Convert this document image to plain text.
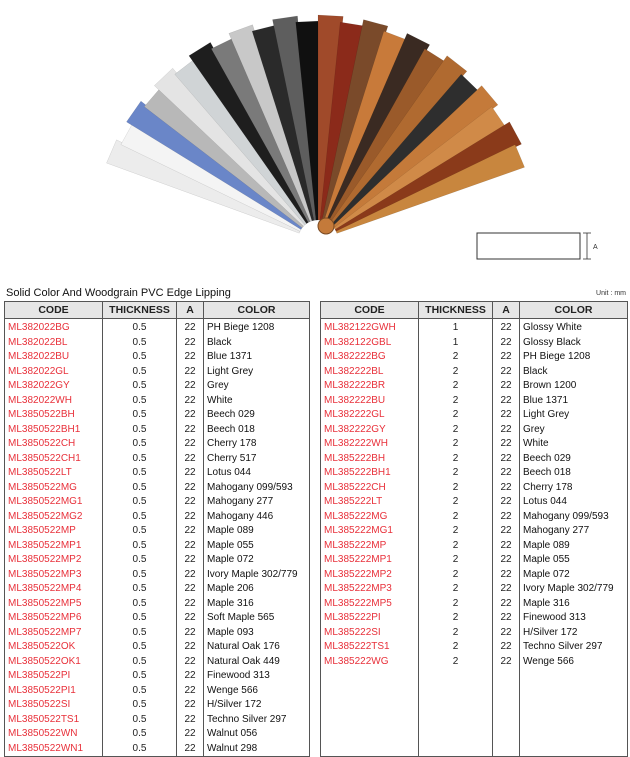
A
Solid Color And Woodgrain PVC Edge Lipping	Unit : mm
CODE	THICKNESS	A	COLOR
ML382022BG	0.5	22	PH Biege 1208
ML382022BL	0.5	22	Black
ML382022BU	0.5	22	Blue 1371
ML382022GL	0.5	22	Light Grey
ML382022GY	0.5	22	Grey
ML382022WH	0.5	22	White
ML3850522BH	0.5	22	Beech 029
ML3850522BH1	0.5	22	Beech 018
ML3850522CH	0.5	22	Cherry 178
ML3850522CH1	0.5	22	Cherry 517
ML3850522LT	0.5	22	Lotus 044
ML3850522MG	0.5	22	Mahogany 099/593
ML3850522MG1	0.5	22	Mahogany 277
ML3850522MG2	0.5	22	Mahogany 446
ML3850522MP	0.5	22	Maple 089
ML3850522MP1	0.5	22	Maple 055
ML3850522MP2	0.5	22	Maple 072
ML3850522MP3	0.5	22	Ivory Maple 302/779
ML3850522MP4	0.5	22	Maple 206
ML3850522MP5	0.5	22	Maple 316
ML3850522MP6	0.5	22	Soft Maple 565
ML3850522MP7	0.5	22	Maple 093
ML3850522OK	0.5	22	Natural Oak 176
ML3850522OK1	0.5	22	Natural Oak 449
ML3850522PI	0.5	22	Finewood 313
ML3850522PI1	0.5	22	Wenge 566
ML3850522SI	0.5	22	H/Silver 172
ML3850522TS1	0.5	22	Techno Silver 297
ML3850522WN	0.5	22	Walnut 056
ML3850522WN1	0.5	22	Walnut 298
CODE	THICKNESS	A	COLOR
ML382122GWH	1	22	Glossy White
ML382122GBL	1	22	Glossy Black
ML382222BG	2	22	PH Biege 1208
ML382222BL	2	22	Black
ML382222BR	2	22	Brown 1200
ML382222BU	2	22	Blue 1371
ML382222GL	2	22	Light Grey
ML382222GY	2	22	Grey
ML382222WH	2	22	White
ML385222BH	2	22	Beech 029
ML385222BH1	2	22	Beech 018
ML385222CH	2	22	Cherry 178
ML385222LT	2	22	Lotus 044
ML385222MG	2	22	Mahogany 099/593
ML385222MG1	2	22	Mahogany 277
ML385222MP	2	22	Maple 089
ML385222MP1	2	22	Maple 055
ML385222MP2	2	22	Maple 072
ML385222MP3	2	22	Ivory Maple 302/779
ML385222MP5	2	22	Maple 316
ML385222PI	2	22	Finewood 313
ML385222SI	2	22	H/Silver 172
ML385222TS1	2	22	Techno Silver 297
ML385222WG	2	22	Wenge 566
